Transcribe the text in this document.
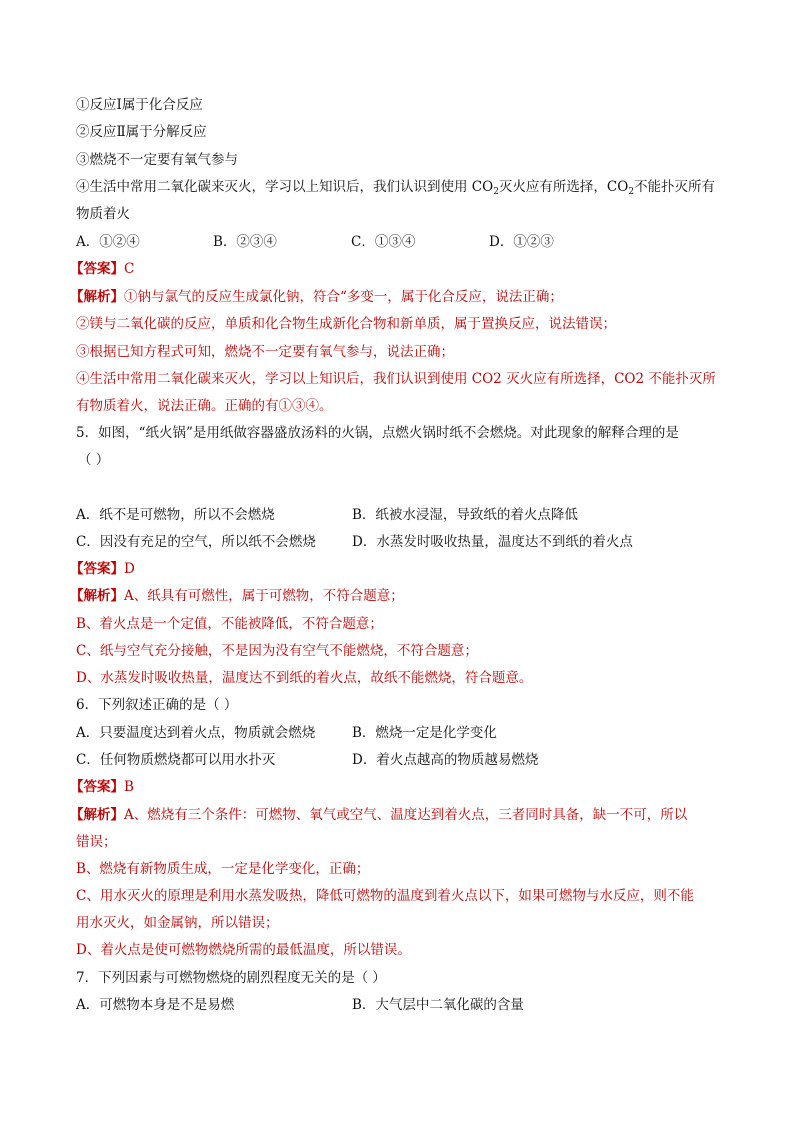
①反应Ⅰ属于化合反应
②反应Ⅱ属于分解反应
③燃烧不一定要有氧气参与
④生活中常用二氧化碳来灭火，学习以上知识后，我们认识到使用 $CO_2$灭火应有所选择，$CO_2$不能扑灭所有
物质着火
A．①②④	B．②③④	C．①③④	D．①②③
【答案】C
【解析】①钠与氯气的反应生成氯化钠，符合“多变一，属于化合反应，说法正确；
②镁与二氧化碳的反应，单质和化合物生成新化合物和新单质，属于置换反应，说法错误；
③根据已知方程式可知，燃烧不一定要有氧气参与，说法正确；
④生活中常用二氧化碳来灭火，学习以上知识后，我们认识到使用 CO2 灭火应有所选择，CO2 不能扑灭所
有物质着火，说法正确。正确的有①③④。
5．如图，“纸火锅”是用纸做容器盛放汤料的火锅，点燃火锅时纸不会燃烧。对此现象的解释合理的是
（ ）
A．纸不是可燃物，所以不会燃烧	B．纸被水浸湿，导致纸的着火点降低
C．因没有充足的空气，所以纸不会燃烧	D．水蒸发时吸收热量，温度达不到纸的着火点
【答案】D
【解析】A、纸具有可燃性，属于可燃物，不符合题意；
B、着火点是一个定值，不能被降低，不符合题意；
C、纸与空气充分接触，不是因为没有空气不能燃烧，不符合题意；
D、水蒸发时吸收热量，温度达不到纸的着火点，故纸不能燃烧，符合题意。
6．下列叙述正确的是（ ）
A．只要温度达到着火点，物质就会燃烧	B．燃烧一定是化学变化
C．任何物质燃烧都可以用水扑灭	D．着火点越高的物质越易燃烧
【答案】B
【解析】A、燃烧有三个条件：可燃物、氧气或空气、温度达到着火点，三者同时具备，缺一不可，所以
错误；
B、燃烧有新物质生成，一定是化学变化，正确；
C、用水灭火的原理是利用水蒸发吸热，降低可燃物的温度到着火点以下，如果可燃物与水反应，则不能
用水灭火，如金属钠，所以错误；
D、着火点是使可燃物燃烧所需的最低温度，所以错误。
7．下列因素与可燃物燃烧的剧烈程度无关的是（ ）
A．可燃物本身是不是易燃	B．大气层中二氧化碳的含量
